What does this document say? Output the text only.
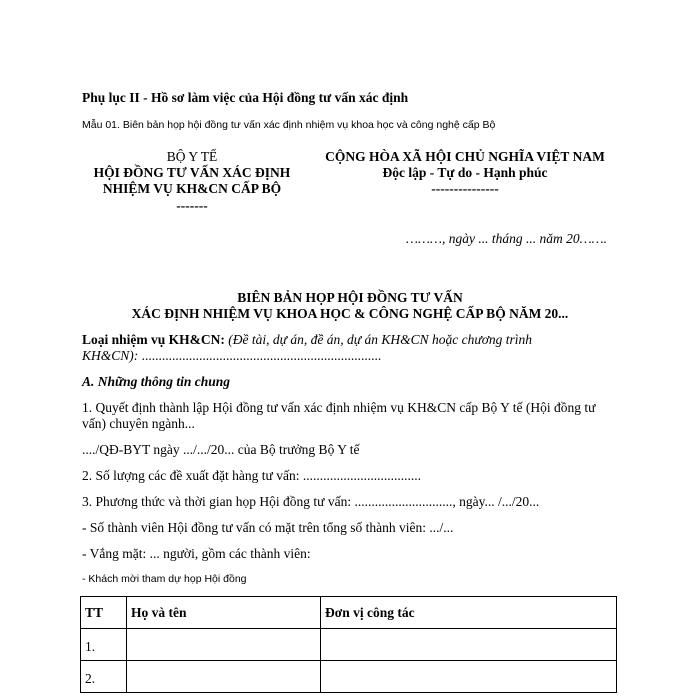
Phụ lục II - Hồ sơ làm việc của Hội đồng tư vấn xác định
Mẫu 01. Biên bản họp hội đồng tư vấn xác định nhiệm vụ khoa học và công nghệ cấp Bộ
BỘ Y TẾ
HỘI ĐỒNG TƯ VẤN XÁC ĐỊNH
NHIỆM VỤ KH&CN CẤP BỘ
-------
CỘNG HÒA XÃ HỘI CHỦ NGHĨA VIỆT NAM
Độc lập - Tự do - Hạnh phúc
---------------
………, ngày ... tháng ... năm 20…….
BIÊN BẢN HỌP HỘI ĐỒNG TƯ VẤN
XÁC ĐỊNH NHIỆM VỤ KHOA HỌC & CÔNG NGHỆ CẤP BỘ NĂM 20...
Loại nhiệm vụ KH&CN: (Đề tài, dự án, đề án, dự án KH&CN hoặc chương trình
KH&CN): .......................................................................
A. Những thông tin chung
1. Quyết định thành lập Hội đồng tư vấn xác định nhiệm vụ KH&CN cấp Bộ Y tế (Hội đồng tư
vấn) chuyên ngành...
..../QĐ-BYT ngày .../.../20... của Bộ trưởng Bộ Y tế
2. Số lượng các đề xuất đặt hàng tư vấn: ...................................
3. Phương thức và thời gian họp Hội đồng tư vấn: ............................., ngày... /.../20...
- Số thành viên Hội đồng tư vấn có mặt trên tổng số thành viên: .../...
- Vắng mặt: ... người, gồm các thành viên:
- Khách mời tham dự họp Hội đồng
TT	Họ và tên	Đơn vị công tác
1.		
2.		
